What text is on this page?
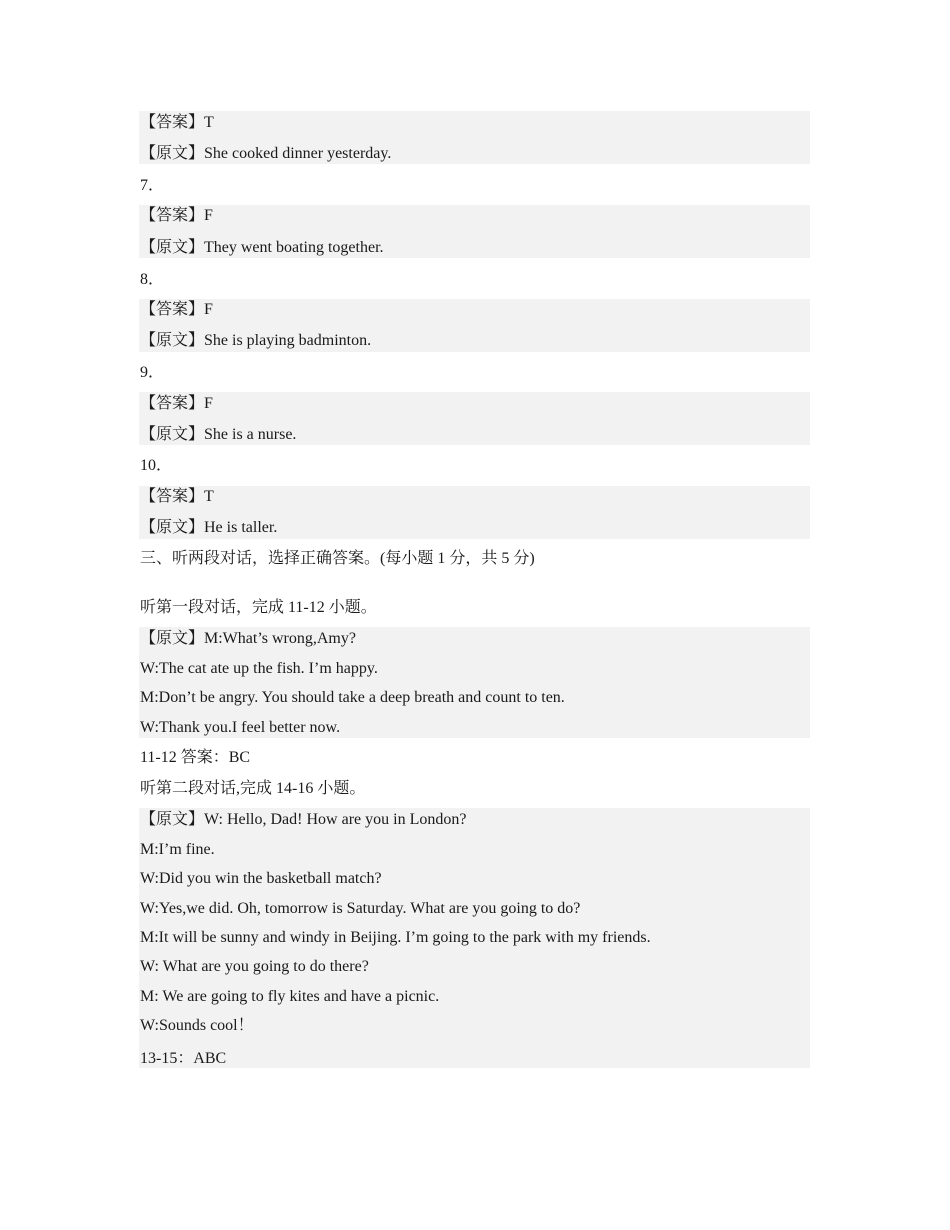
【答案】T
【原文】She cooked dinner yesterday.
7．
【答案】F
【原文】They went boating together.
8．
【答案】F
【原文】She is playing badminton.
9．
【答案】F
【原文】She is a nurse.
10．
【答案】T
【原文】He is taller.
三、听两段对话，选择正确答案。(每小题 1 分，共 5 分)
听第一段对话，完成 11-12 小题。
【原文】M:What’s wrong,Amy?
W:The cat ate up the fish. I’m happy.
M:Don’t be angry. You should take a deep breath and count to ten.
W:Thank you.I feel better now.
11-12 答案：BC
听第二段对话,完成 14-16 小题。
【原文】W: Hello, Dad! How are you in London?
M:I’m fine.
W:Did you win the basketball match?
W:Yes,we did. Oh, tomorrow is Saturday. What are you going to do?
M:It will be sunny and windy in Beijing. I’m going to the park with my friends.
W: What are you going to do there?
M: We are going to fly kites and have a picnic.
W:Sounds cool！
13-15：ABC
